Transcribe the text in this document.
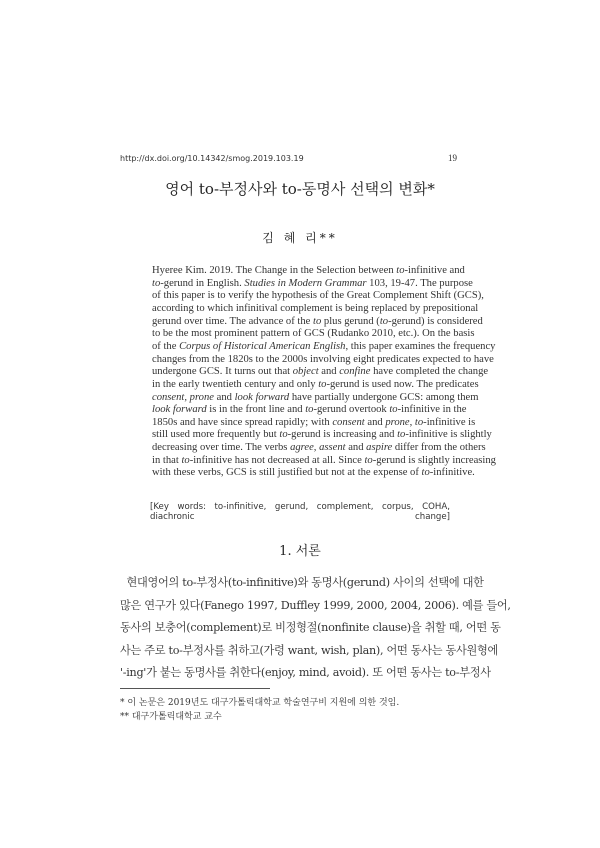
http://dx.doi.org/10.14342/smog.2019.103.19	19
영어 to-부정사와 to-동명사 선택의 변화*
김 혜 리**
Hyeree Kim. 2019. The Change in the Selection between to-infinitive and
to-gerund in English. Studies in Modern Grammar 103, 19-47. The purpose
of this paper is to verify the hypothesis of the Great Complement Shift (GCS),
according to which infinitival complement is being replaced by prepositional
gerund over time. The advance of the to plus gerund (to-gerund) is considered
to be the most prominent pattern of GCS (Rudanko 2010, etc.). On the basis
of the Corpus of Historical American English, this paper examines the frequency
changes from the 1820s to the 2000s involving eight predicates expected to have
undergone GCS. It turns out that object and confine have completed the change
in the early twentieth century and only to-gerund is used now. The predicates
consent, prone and look forward have partially undergone GCS: among them
look forward is in the front line and to-gerund overtook to-infinitive in the
1850s and have since spread rapidly; with consent and prone, to-infinitive is
still used more frequently but to-gerund is increasing and to-infinitive is slightly
decreasing over time. The verbs agree, assent and aspire differ from the others
in that to-infinitive has not decreased at all. Since to-gerund is slightly increasing
with these verbs, GCS is still justified but not at the expense of to-infinitive.
[Key words: to-infinitive, gerund, complement, corpus, COHA, diachronic change]
1. 서론
현대영어의 to-부정사(to-infinitive)와 동명사(gerund) 사이의 선택에 대한
많은 연구가 있다(Fanego 1997, Duffley 1999, 2000, 2004, 2006). 예를 들어,
동사의 보충어(complement)로 비정형절(nonfinite clause)을 취할 때, 어떤 동
사는 주로 to-부정사를 취하고(가령 want, wish, plan), 어떤 동사는 동사원형에
'-ing'가 붙는 동명사를 취한다(enjoy, mind, avoid). 또 어떤 동사는 to-부정사
* 이 논문은 2019년도 대구가톨릭대학교 학술연구비 지원에 의한 것임.
** 대구가톨릭대학교 교수
